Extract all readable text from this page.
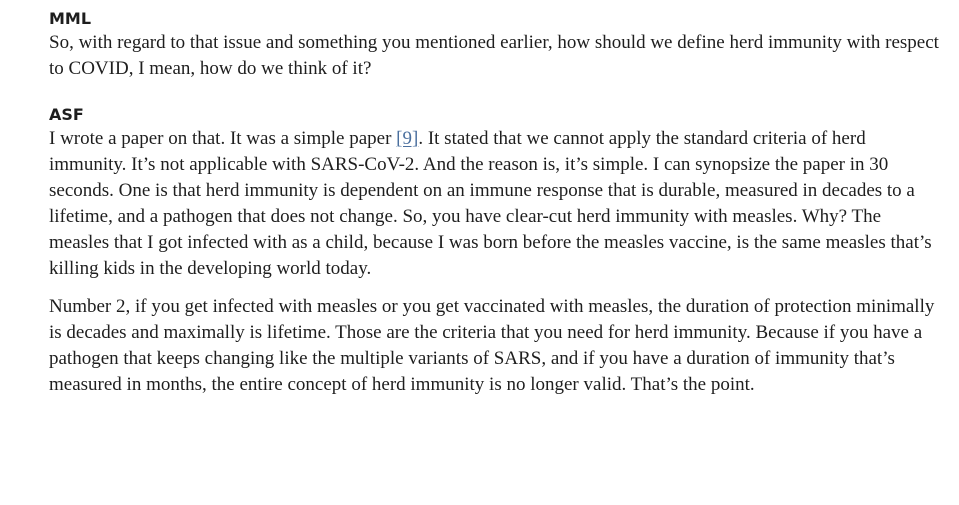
MML

So, with regard to that issue and something you mentioned earlier, how should we define herd immunity with respect to COVID, I mean, how do we think of it?

ASF

I wrote a paper on that. It was a simple paper [9]. It stated that we cannot apply the standard criteria of herd immunity. It’s not applicable with SARS-CoV-2. And the reason is, it’s simple. I can synopsize the paper in 30 seconds. One is that herd immunity is dependent on an immune response that is durable, measured in decades to a lifetime, and a pathogen that does not change. So, you have clear-cut herd immunity with measles. Why? The measles that I got infected with as a child, because I was born before the measles vaccine, is the same measles that’s killing kids in the developing world today.

Number 2, if you get infected with measles or you get vaccinated with measles, the duration of protection minimally is decades and maximally is lifetime. Those are the criteria that you need for herd immunity. Because if you have a pathogen that keeps changing like the multiple variants of SARS, and if you have a duration of immunity that’s measured in months, the entire concept of herd immunity is no longer valid. That’s the point.
